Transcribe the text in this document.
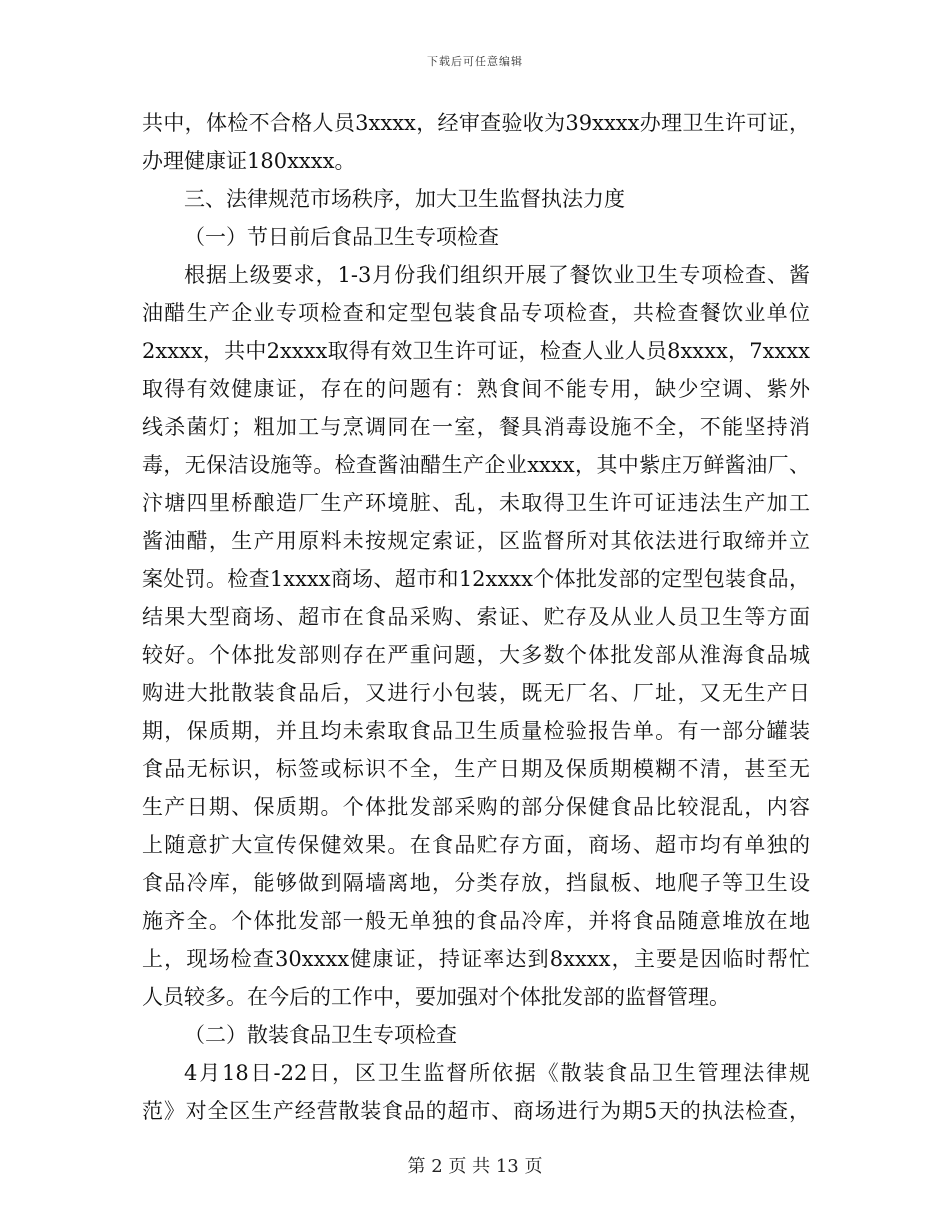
下载后可任意编辑
共中，体检不合格人员3xxxx，经审查验收为39xxxx办理卫生许可证，
办理健康证180xxxx。
三、法律规范市场秩序，加大卫生监督执法力度
（一）节日前后食品卫生专项检查
根据上级要求，1-3月份我们组织开展了餐饮业卫生专项检查、酱
油醋生产企业专项检查和定型包装食品专项检查，共检查餐饮业单位
2xxxx，共中2xxxx取得有效卫生许可证，检查人业人员8xxxx，7xxxx
取得有效健康证，存在的问题有：熟食间不能专用，缺少空调、紫外
线杀菌灯；粗加工与烹调同在一室，餐具消毒设施不全，不能坚持消
毒，无保洁设施等。检查酱油醋生产企业xxxx，其中紫庄万鲜酱油厂、
汴塘四里桥酿造厂生产环境脏、乱，未取得卫生许可证违法生产加工
酱油醋，生产用原料未按规定索证，区监督所对其依法进行取缔并立
案处罚。检查1xxxx商场、超市和12xxxx个体批发部的定型包装食品，
结果大型商场、超市在食品采购、索证、贮存及从业人员卫生等方面
较好。个体批发部则存在严重问题，大多数个体批发部从淮海食品城
购进大批散装食品后，又进行小包装，既无厂名、厂址，又无生产日
期，保质期，并且均未索取食品卫生质量检验报告单。有一部分罐装
食品无标识，标签或标识不全，生产日期及保质期模糊不清，甚至无
生产日期、保质期。个体批发部采购的部分保健食品比较混乱，内容
上随意扩大宣传保健效果。在食品贮存方面，商场、超市均有单独的
食品冷库，能够做到隔墙离地，分类存放，挡鼠板、地爬子等卫生设
施齐全。个体批发部一般无单独的食品冷库，并将食品随意堆放在地
上，现场检查30xxxx健康证，持证率达到8xxxx，主要是因临时帮忙
人员较多。在今后的工作中，要加强对个体批发部的监督管理。
（二）散装食品卫生专项检查
4月18日-22日，区卫生监督所依据《散装食品卫生管理法律规
范》对全区生产经营散装食品的超市、商场进行为期5天的执法检查，
第 2 页 共 13 页
